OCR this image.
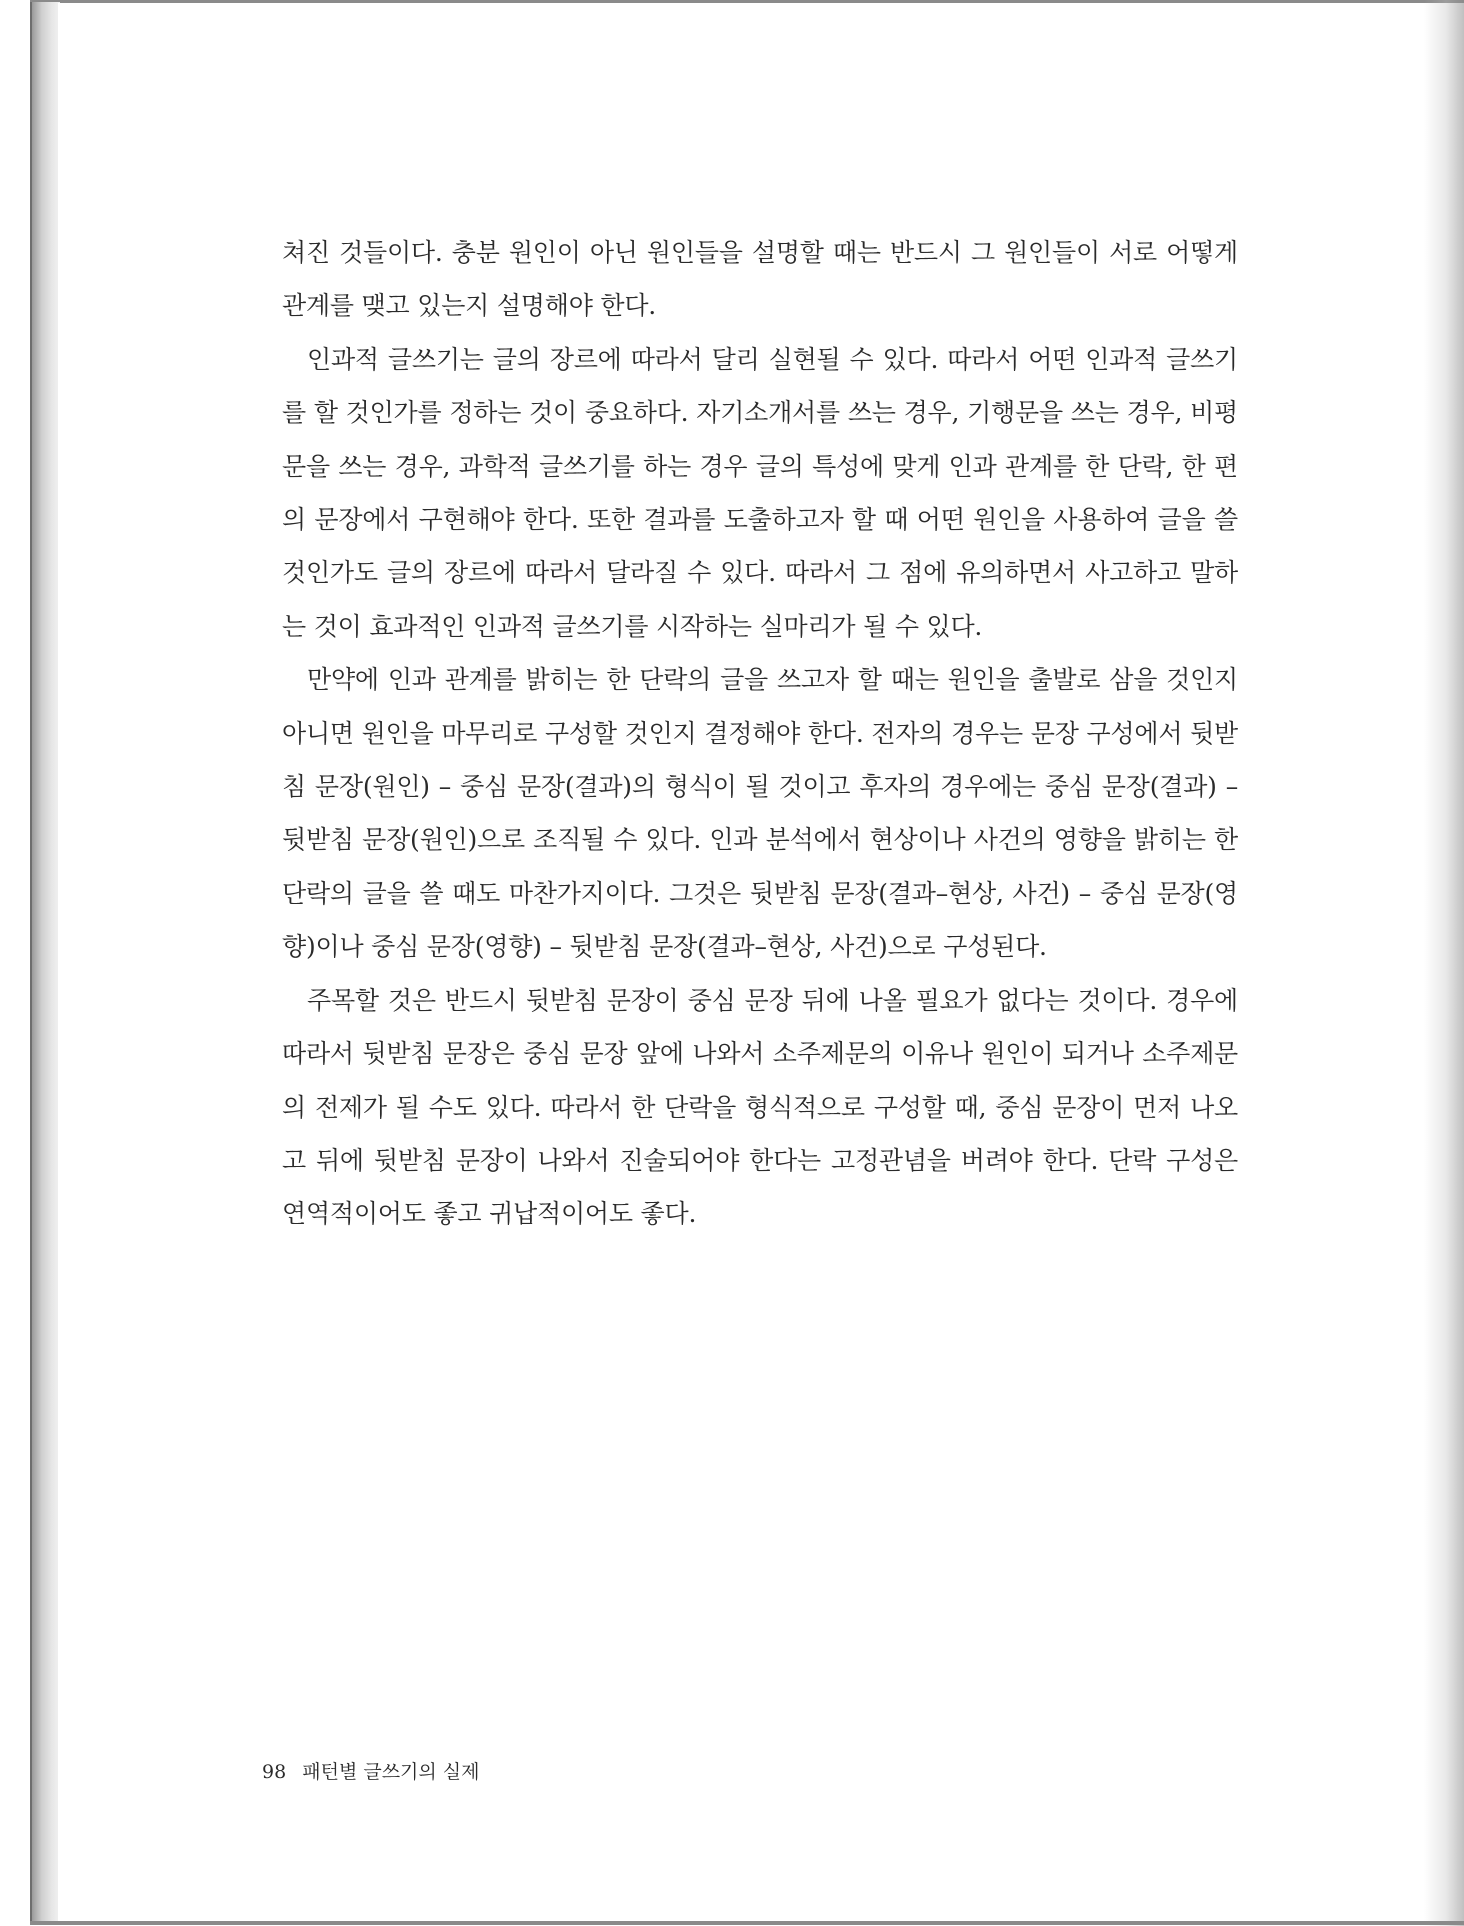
쳐진 것들이다. 충분 원인이 아닌 원인들을 설명할 때는 반드시 그 원인들이 서로 어떻게 관계를 맺고 있는지 설명해야 한다.

인과적 글쓰기는 글의 장르에 따라서 달리 실현될 수 있다. 따라서 어떤 인과적 글쓰기를 할 것인가를 정하는 것이 중요하다. 자기소개서를 쓰는 경우, 기행문을 쓰는 경우, 비평문을 쓰는 경우, 과학적 글쓰기를 하는 경우 글의 특성에 맞게 인과 관계를 한 단락, 한 편의 문장에서 구현해야 한다. 또한 결과를 도출하고자 할 때 어떤 원인을 사용하여 글을 쓸 것인가도 글의 장르에 따라서 달라질 수 있다. 따라서 그 점에 유의하면서 사고하고 말하는 것이 효과적인 인과적 글쓰기를 시작하는 실마리가 될 수 있다.

만약에 인과 관계를 밝히는 한 단락의 글을 쓰고자 할 때는 원인을 출발로 삼을 것인지 아니면 원인을 마무리로 구성할 것인지 결정해야 한다. 전자의 경우는 문장 구성에서 뒷받침 문장(원인) – 중심 문장(결과)의 형식이 될 것이고 후자의 경우에는 중심 문장(결과) – 뒷받침 문장(원인)으로 조직될 수 있다. 인과 분석에서 현상이나 사건의 영향을 밝히는 한 단락의 글을 쓸 때도 마찬가지이다. 그것은 뒷받침 문장(결과–현상, 사건) – 중심 문장(영향)이나 중심 문장(영향) – 뒷받침 문장(결과–현상, 사건)으로 구성된다.

주목할 것은 반드시 뒷받침 문장이 중심 문장 뒤에 나올 필요가 없다는 것이다. 경우에 따라서 뒷받침 문장은 중심 문장 앞에 나와서 소주제문의 이유나 원인이 되거나 소주제문의 전제가 될 수도 있다. 따라서 한 단락을 형식적으로 구성할 때, 중심 문장이 먼저 나오고 뒤에 뒷받침 문장이 나와서 진술되어야 한다는 고정관념을 버려야 한다. 단락 구성은 연역적이어도 좋고 귀납적이어도 좋다.

98 패턴별 글쓰기의 실제
